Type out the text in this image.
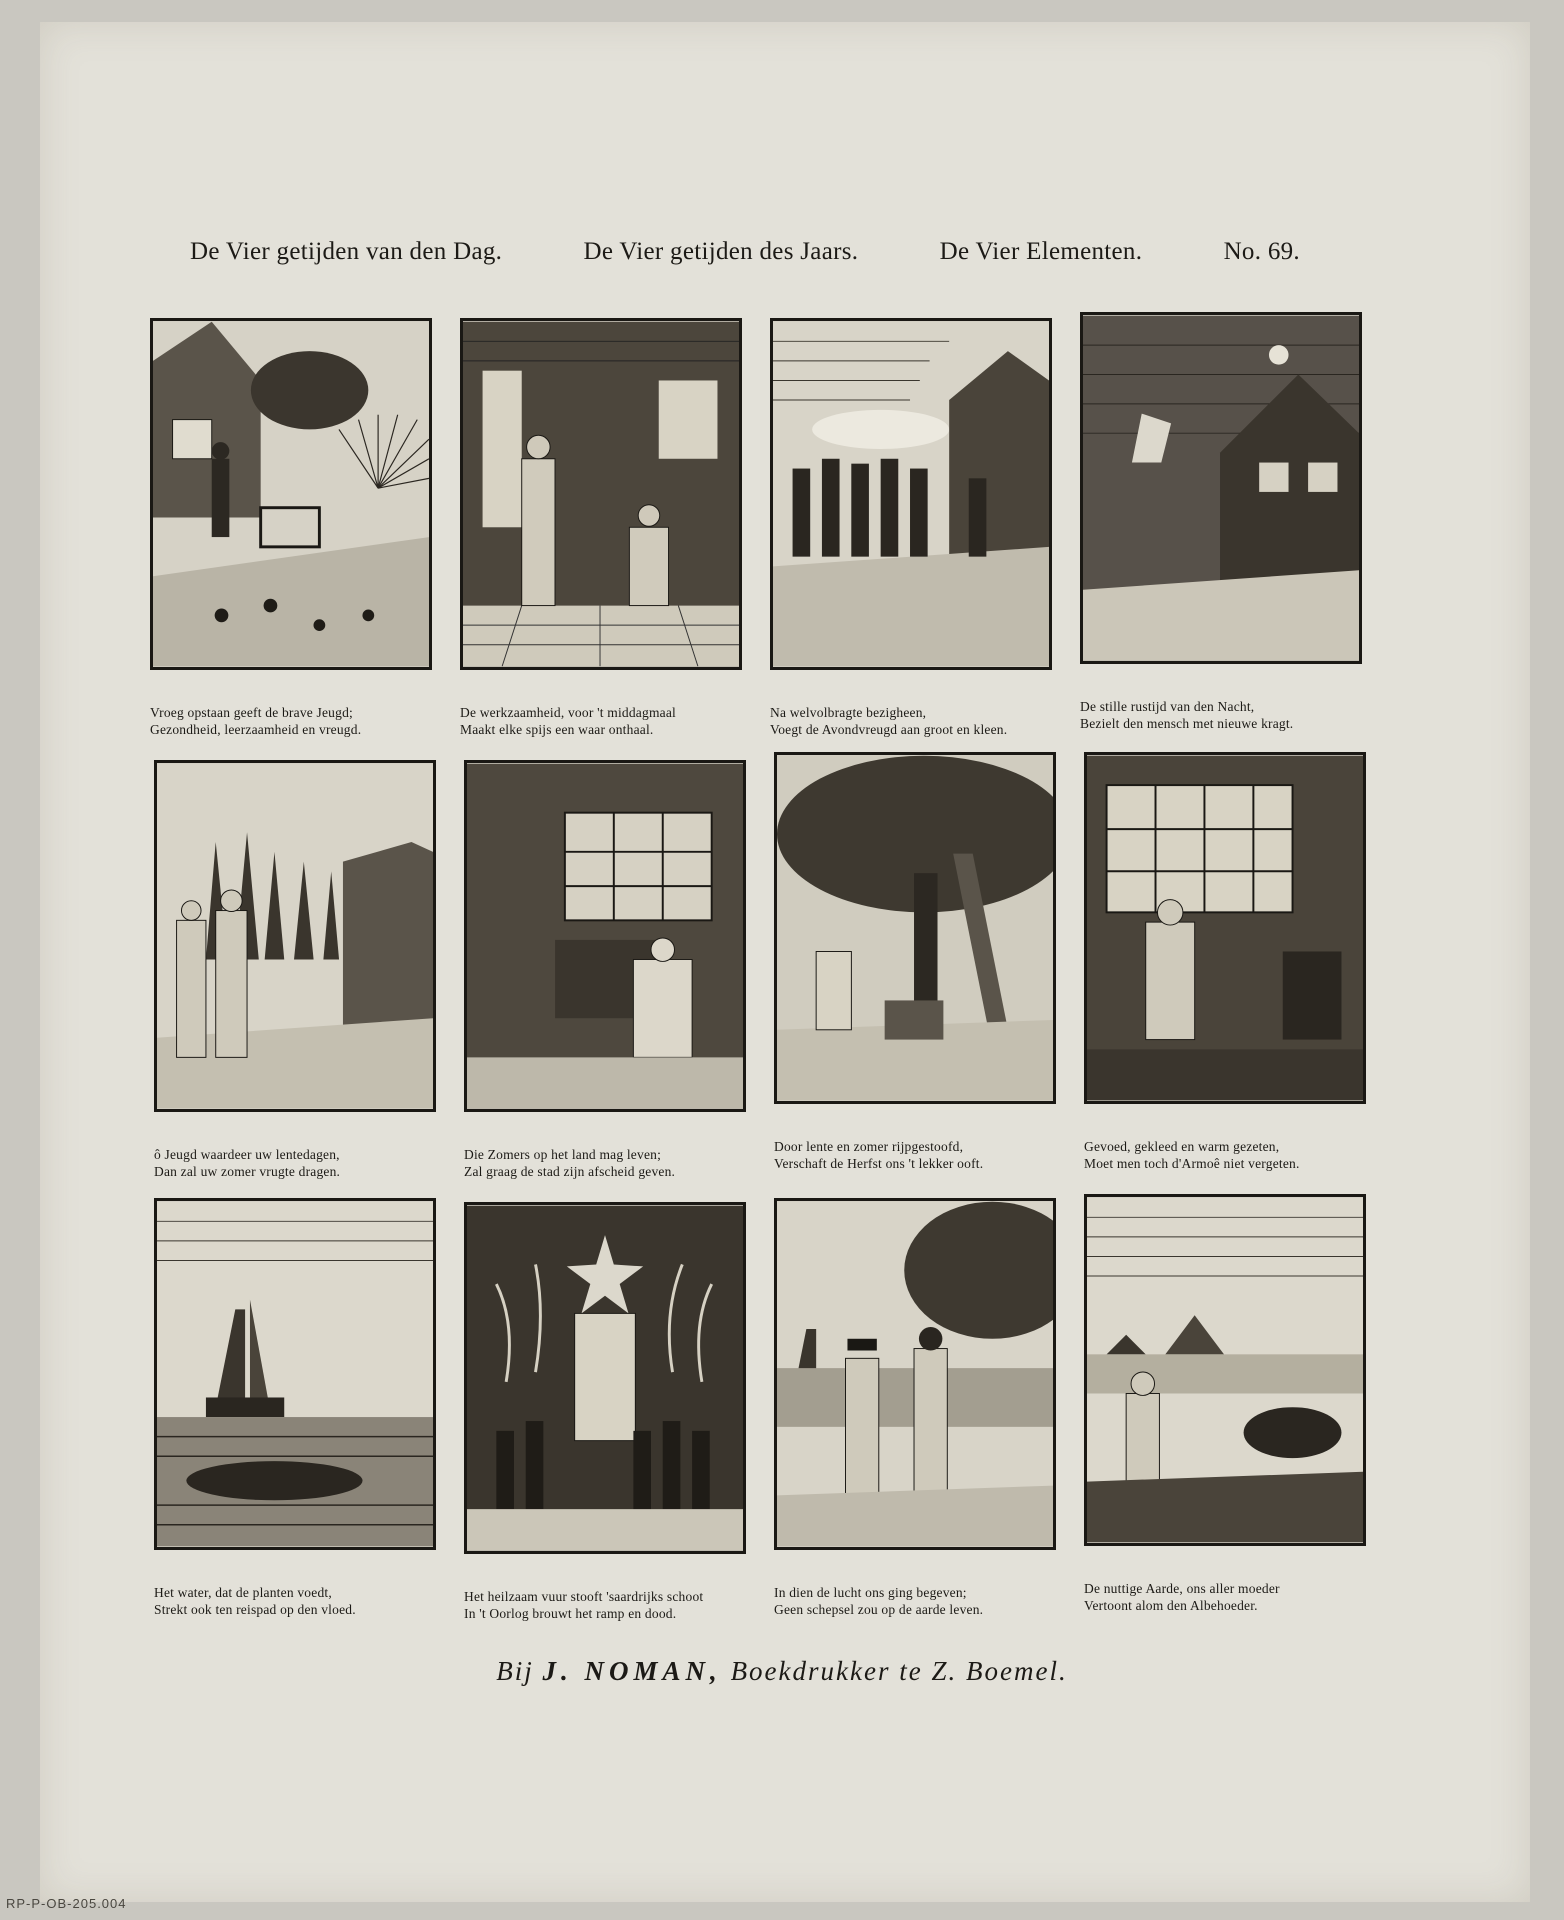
De Vier getijden van den Dag.	De Vier getijden des Jaars.	De Vier Elementen.	No. 69.
Vroeg opstaan geeft de brave Jeugd;
Gezondheid, leerzaamheid en vreugd.
De werkzaamheid, voor 't middagmaal
Maakt elke spijs een waar onthaal.
Na welvolbragte bezigheen,
Voegt de Avondvreugd aan groot en kleen.
De stille rustijd van den Nacht,
Bezielt den mensch met nieuwe kragt.
ô Jeugd waardeer uw lentedagen,
Dan zal uw zomer vrugte dragen.
Die Zomers op het land mag leven;
Zal graag de stad zijn afscheid geven.
Door lente en zomer rijpgestoofd,
Verschaft de Herfst ons 't lekker ooft.
Gevoed, gekleed en warm gezeten,
Moet men toch d'Armoê niet vergeten.
Het water, dat de planten voedt,
Strekt ook ten reispad op den vloed.
Het heilzaam vuur stooft 'saardrijks schoot
In 't Oorlog brouwt het ramp en dood.
In dien de lucht ons ging begeven;
Geen schepsel zou op de aarde leven.
De nuttige Aarde, ons aller moeder
Vertoont alom den Albehoeder.
Bij J. NOMAN, Boekdrukker te Z. Boemel.
RP-P-OB-205.004
